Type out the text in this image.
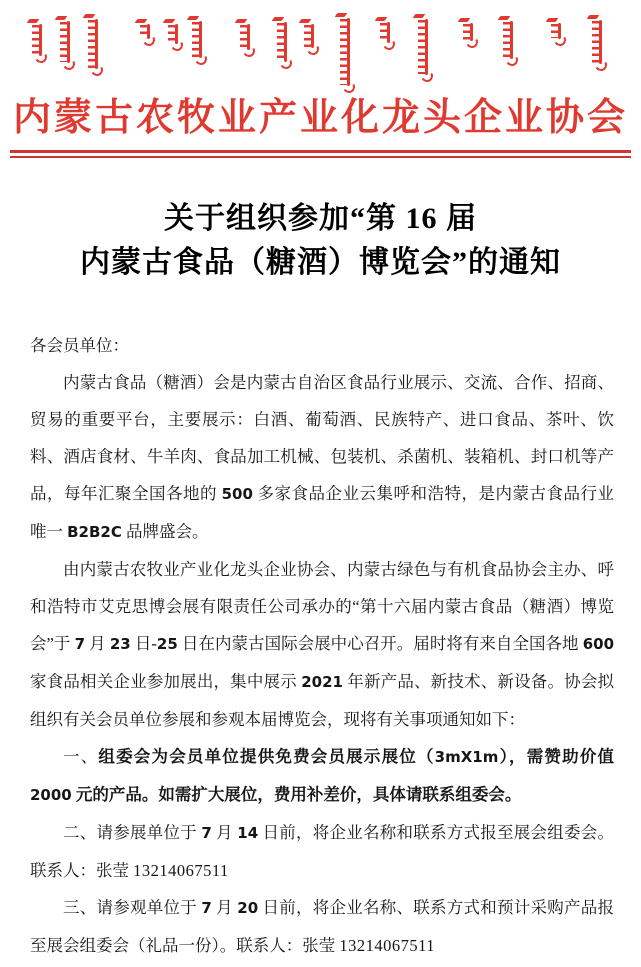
内蒙古农牧业产业化龙头企业协会
关于组织参加“第 16 届
内蒙古食品（糖酒）博览会”的通知

各会员单位：

内蒙古食品（糖酒）会是内蒙古自治区食品行业展示、交流、合作、招商、贸易的重要平台，主要展示：白酒、葡萄酒、民族特产、进口食品、茶叶、饮料、酒店食材、牛羊肉、食品加工机械、包装机、杀菌机、装箱机、封口机等产品，每年汇聚全国各地的 500 多家食品企业云集呼和浩特，是内蒙古食品行业唯一 B2B2C 品牌盛会。

由内蒙古农牧业产业化龙头企业协会、内蒙古绿色与有机食品协会主办、呼和浩特市艾克思博会展有限责任公司承办的“第十六届内蒙古食品（糖酒）博览会”于 7 月 23 日-25 日在内蒙古国际会展中心召开。届时将有来自全国各地 600 家食品相关企业参加展出，集中展示 2021 年新产品、新技术、新设备。协会拟组织有关会员单位参展和参观本届博览会，现将有关事项通知如下：

一、组委会为会员单位提供免费会员展示展位（3mX1m），需赞助价值 2000 元的产品。如需扩大展位，费用补差价，具体请联系组委会。

二、请参展单位于 7 月 14 日前，将企业名称和联系方式报至展会组委会。联系人：张莹 13214067511

三、请参观单位于 7 月 20 日前，将企业名称、联系方式和预计采购产品报至展会组委会（礼品一份）。联系人：张莹 13214067511
